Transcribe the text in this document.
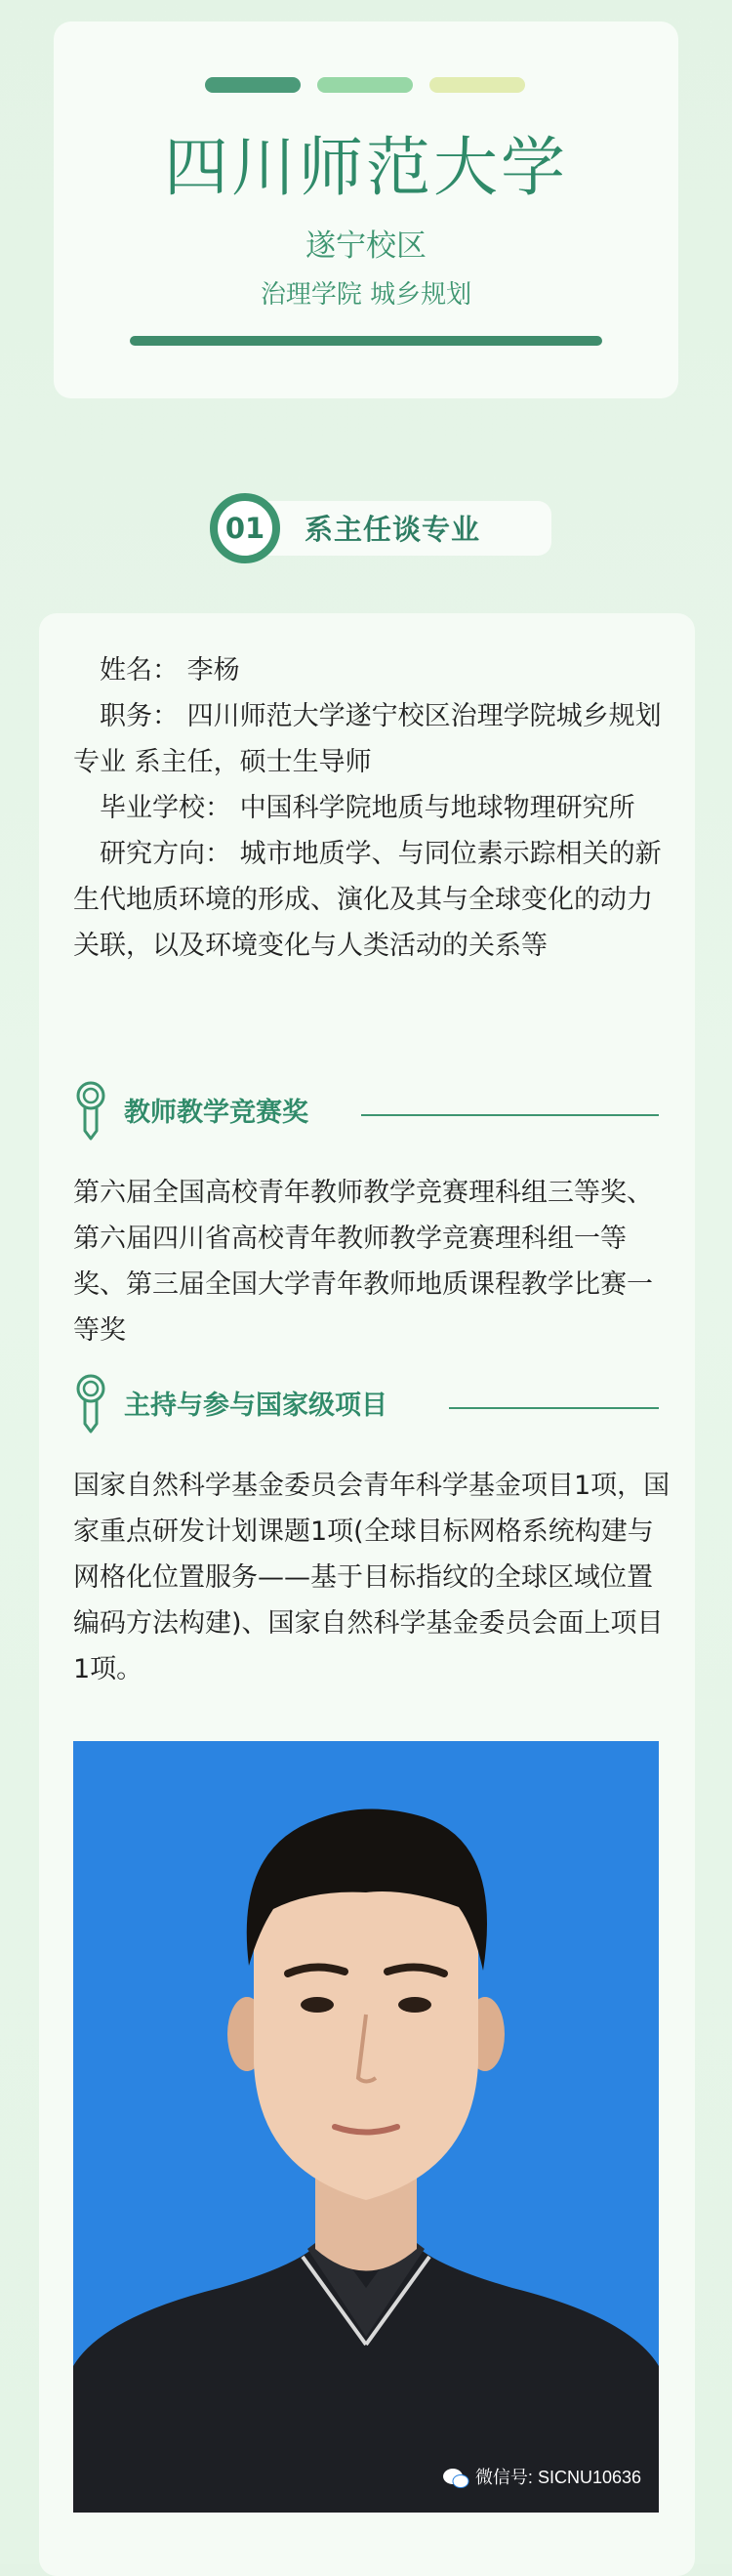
四川师范大学
遂宁校区
治理学院 城乡规划
01	系主任谈专业

姓名： 李杨

职务： 四川师范大学遂宁校区治理学院城乡规划专业 系主任，硕士生导师

毕业学校： 中国科学院地质与地球物理研究所

研究方向： 城市地质学、与同位素示踪相关的新生代地质环境的形成、演化及其与全球变化的动力关联，以及环境变化与人类活动的关系等

教师教学竞赛奖

第六届全国高校青年教师教学竞赛理科组三等奖、第六届四川省高校青年教师教学竞赛理科组一等奖、第三届全国大学青年教师地质课程教学比赛一等奖

主持与参与国家级项目

国家自然科学基金委员会青年科学基金项目1项，国家重点研发计划课题1项(全球目标网格系统构建与网格化位置服务——基于目标指纹的全球区域位置编码方法构建)、国家自然科学基金委员会面上项目1项。

微信号: SICNU10636
